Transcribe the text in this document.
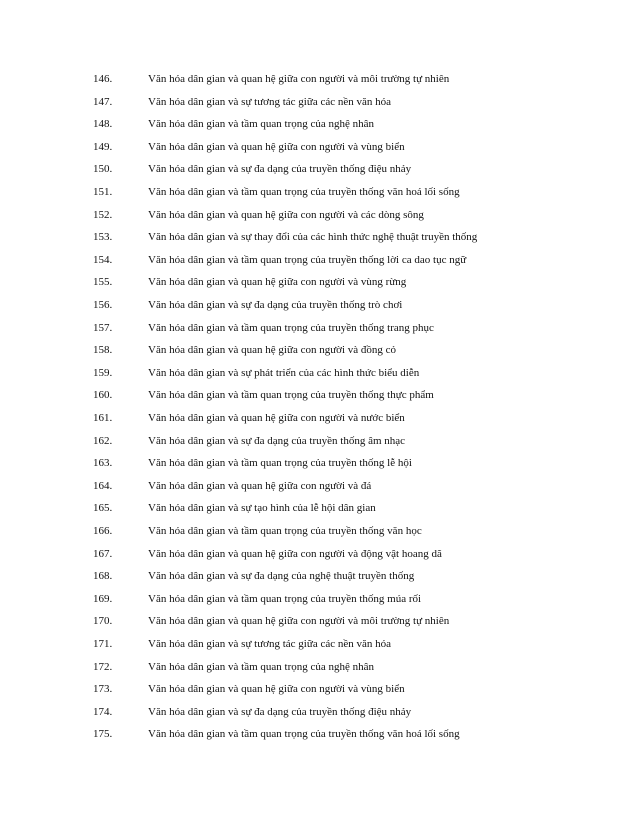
146.	Văn hóa dân gian và quan hệ giữa con người và môi trường tự nhiên
147.	Văn hóa dân gian và sự tương tác giữa các nền văn hóa
148.	Văn hóa dân gian và tầm quan trọng của nghệ nhân
149.	Văn hóa dân gian và quan hệ giữa con người và vùng biển
150.	Văn hóa dân gian và sự đa dạng của truyền thống điệu nhảy
151.	Văn hóa dân gian và tầm quan trọng của truyền thống văn hoá lối sống
152.	Văn hóa dân gian và quan hệ giữa con người và các dòng sông
153.	Văn hóa dân gian và sự thay đổi của các hình thức nghệ thuật truyền thống
154.	Văn hóa dân gian và tầm quan trọng của truyền thống lời ca dao tục ngữ
155.	Văn hóa dân gian và quan hệ giữa con người và vùng rừng
156.	Văn hóa dân gian và sự đa dạng của truyền thống trò chơi
157.	Văn hóa dân gian và tầm quan trọng của truyền thống trang phục
158.	Văn hóa dân gian và quan hệ giữa con người và đồng cỏ
159.	Văn hóa dân gian và sự phát triển của các hình thức biểu diễn
160.	Văn hóa dân gian và tầm quan trọng của truyền thống thực phẩm
161.	Văn hóa dân gian và quan hệ giữa con người và nước biển
162.	Văn hóa dân gian và sự đa dạng của truyền thống âm nhạc
163.	Văn hóa dân gian và tầm quan trọng của truyền thống lễ hội
164.	Văn hóa dân gian và quan hệ giữa con người và đá
165.	Văn hóa dân gian và sự tạo hình của lễ hội dân gian
166.	Văn hóa dân gian và tầm quan trọng của truyền thống văn học
167.	Văn hóa dân gian và quan hệ giữa con người và động vật hoang dã
168.	Văn hóa dân gian và sự đa dạng của nghệ thuật truyền thống
169.	Văn hóa dân gian và tầm quan trọng của truyền thống múa rối
170.	Văn hóa dân gian và quan hệ giữa con người và môi trường tự nhiên
171.	Văn hóa dân gian và sự tương tác giữa các nền văn hóa
172.	Văn hóa dân gian và tầm quan trọng của nghệ nhân
173.	Văn hóa dân gian và quan hệ giữa con người và vùng biển
174.	Văn hóa dân gian và sự đa dạng của truyền thống điệu nhảy
175.	Văn hóa dân gian và tầm quan trọng của truyền thống văn hoá lối sống
